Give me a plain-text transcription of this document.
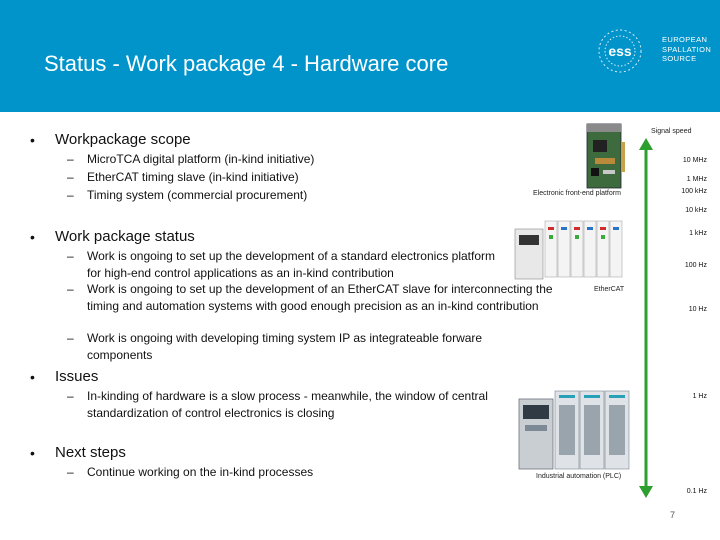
Status - Work package 4 - Hardware core	ess
EUROPEAN
SPALLATION
SOURCE
• Workpackage scope
– MicroTCA digital platform (in-kind initiative)
– EtherCAT timing slave (in-kind initiative)
– Timing system (commercial procurement)
• Work package status
– Work is ongoing to set up the development of a standard electronics platform for high-end control applications as an in-kind contribution
– Work is ongoing to set up the development of an EtherCAT slave for interconnecting the timing and automation systems with good enough precision as an in-kind contribution
– Work is ongoing with developing timing system IP as integrateable forware components
• Issues
– In-kinding of hardware is a slow process - meanwhile, the window of central standardization of control electronics is closing
• Next steps
– Continue working on the in-kind processes
Electronic front-end platform
EtherCAT
Industrial automation (PLC)
Signal speed
10 MHz
1 MHz
100 kHz
10 kHz
1 kHz
100 Hz
10 Hz
1 Hz
0.1 Hz
7
